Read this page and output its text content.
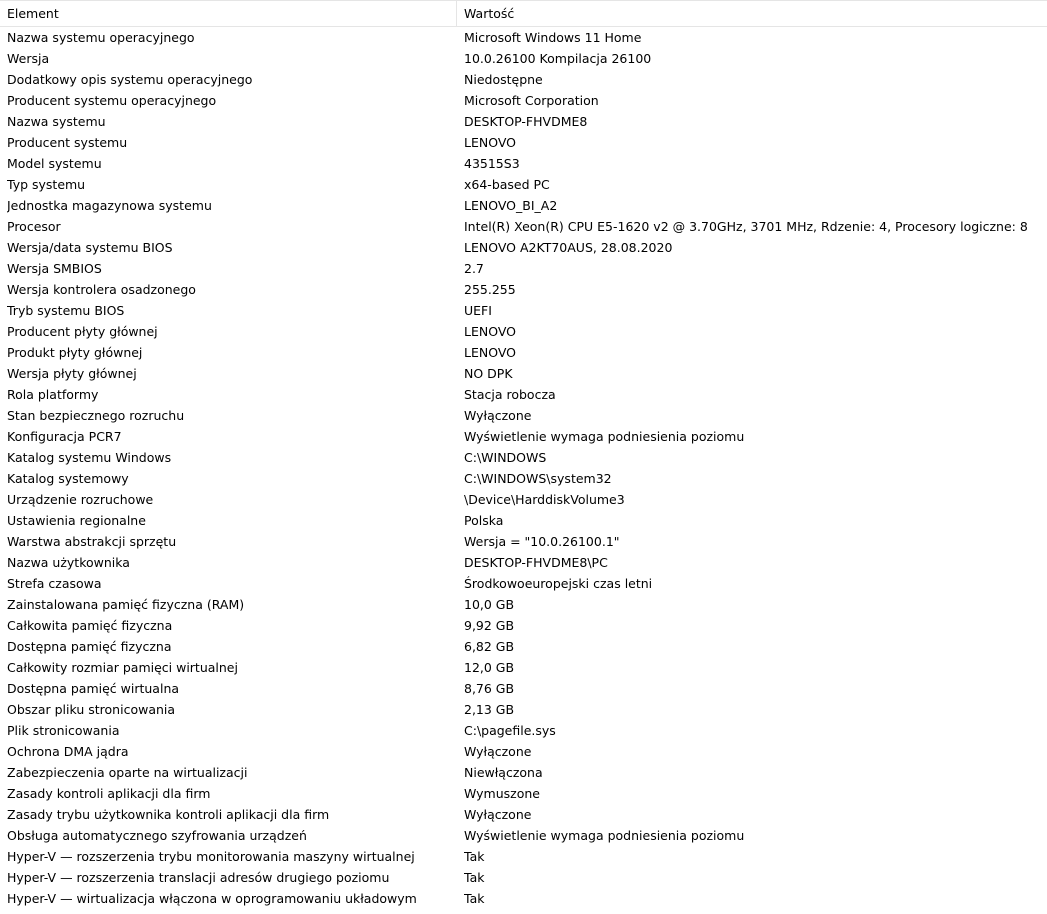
Element	Wartość
Nazwa systemu operacyjnego	Microsoft Windows 11 Home
Wersja	10.0.26100 Kompilacja 26100
Dodatkowy opis systemu operacyjnego	Niedostępne
Producent systemu operacyjnego	Microsoft Corporation
Nazwa systemu	DESKTOP-FHVDME8
Producent systemu	LENOVO
Model systemu	43515S3
Typ systemu	x64-based PC
Jednostka magazynowa systemu	LENOVO_BI_A2
Procesor	Intel(R) Xeon(R) CPU E5-1620 v2 @ 3.70GHz, 3701 MHz, Rdzenie: 4, Procesory logiczne: 8
Wersja/data systemu BIOS	LENOVO A2KT70AUS, 28.08.2020
Wersja SMBIOS	2.7
Wersja kontrolera osadzonego	255.255
Tryb systemu BIOS	UEFI
Producent płyty głównej	LENOVO
Produkt płyty głównej	LENOVO
Wersja płyty głównej	NO DPK
Rola platformy	Stacja robocza
Stan bezpiecznego rozruchu	Wyłączone
Konfiguracja PCR7	Wyświetlenie wymaga podniesienia poziomu
Katalog systemu Windows	C:\WINDOWS
Katalog systemowy	C:\WINDOWS\system32
Urządzenie rozruchowe	\Device\HarddiskVolume3
Ustawienia regionalne	Polska
Warstwa abstrakcji sprzętu	Wersja = "10.0.26100.1"
Nazwa użytkownika	DESKTOP-FHVDME8\PC
Strefa czasowa	Środkowoeuropejski czas letni
Zainstalowana pamięć fizyczna (RAM)	10,0 GB
Całkowita pamięć fizyczna	9,92 GB
Dostępna pamięć fizyczna	6,82 GB
Całkowity rozmiar pamięci wirtualnej	12,0 GB
Dostępna pamięć wirtualna	8,76 GB
Obszar pliku stronicowania	2,13 GB
Plik stronicowania	C:\pagefile.sys
Ochrona DMA jądra	Wyłączone
Zabezpieczenia oparte na wirtualizacji	Niewłączona
Zasady kontroli aplikacji dla firm	Wymuszone
Zasady trybu użytkownika kontroli aplikacji dla firm	Wyłączone
Obsługa automatycznego szyfrowania urządzeń	Wyświetlenie wymaga podniesienia poziomu
Hyper-V — rozszerzenia trybu monitorowania maszyny wirtualnej	Tak
Hyper-V — rozszerzenia translacji adresów drugiego poziomu	Tak
Hyper-V — wirtualizacja włączona w oprogramowaniu układowym	Tak
